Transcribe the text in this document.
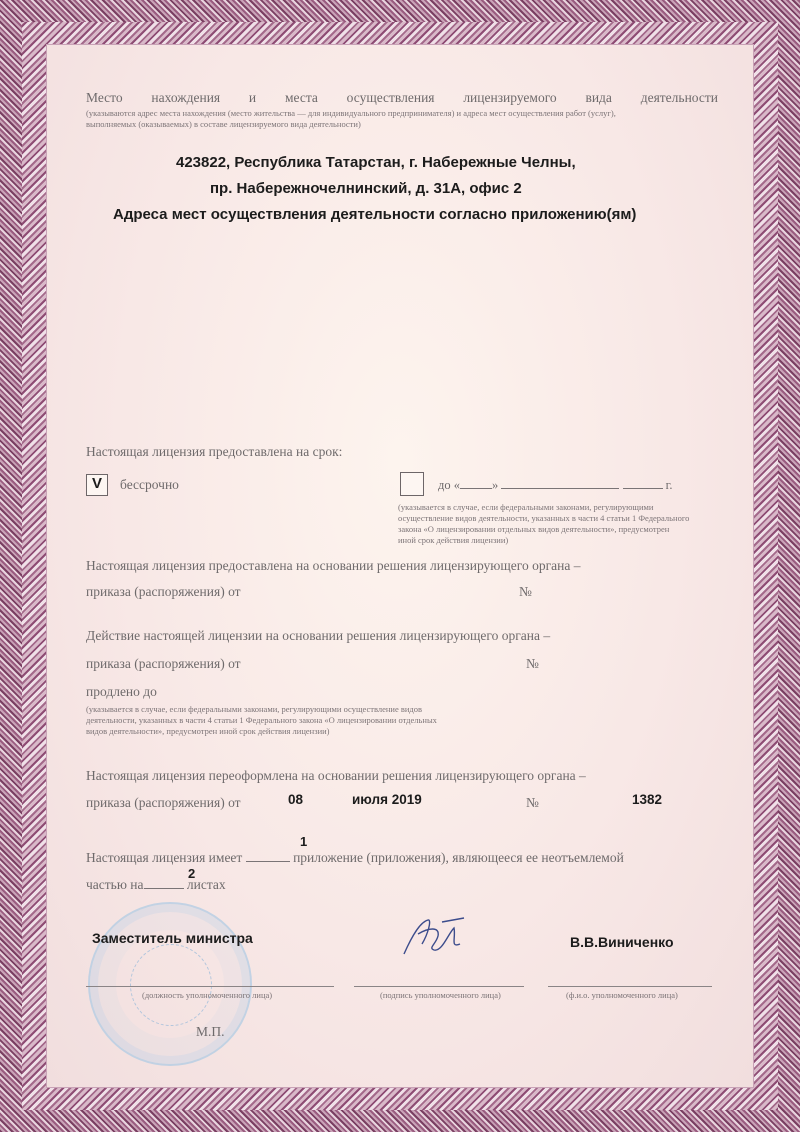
Место нахождения и места осуществления лицензируемого вида деятельности
(указываются адрес места нахождения (место жительства — для индивидуального предпринимателя) и адреса мест осуществления работ (услуг),
выполняемых (оказываемых) в составе лицензируемого вида деятельности)
423822, Республика Татарстан, г. Набережные Челны,
пр. Набережночелнинский, д. 31А, офис 2
Адреса мест осуществления деятельности согласно приложению(ям)
Настоящая лицензия предоставлена на срок:
V бессрочно	до «	»	г.
(указывается в случае, если федеральными законами, регулирующими
осуществление видов деятельности, указанных в части 4 статьи 1 Федерального
закона «О лицензировании отдельных видов деятельности», предусмотрен
иной срок действия лицензии)
Настоящая лицензия предоставлена на основании решения лицензирующего органа –
приказа (распоряжения) от	№
Действие настоящей лицензии на основании решения лицензирующего органа –
приказа (распоряжения) от	№
продлено до
(указывается в случае, если федеральными законами, регулирующими осуществление видов
деятельности, указанных в части 4 статьи 1 Федерального закона «О лицензировании отдельных
видов деятельности», предусмотрен иной срок действия лицензии)
Настоящая лицензия переоформлена на основании решения лицензирующего органа –
приказа (распоряжения) от	08	июля 2019	№	1382
1
Настоящая лицензия имеет	приложение (приложения), являющееся ее неотъемлемой
2
частью на	листах
Заместитель министра	В.В.Виниченко
(должность уполномоченного лица)	(подпись уполномоченного лица)	(ф.и.о. уполномоченного лица)
М.П.
